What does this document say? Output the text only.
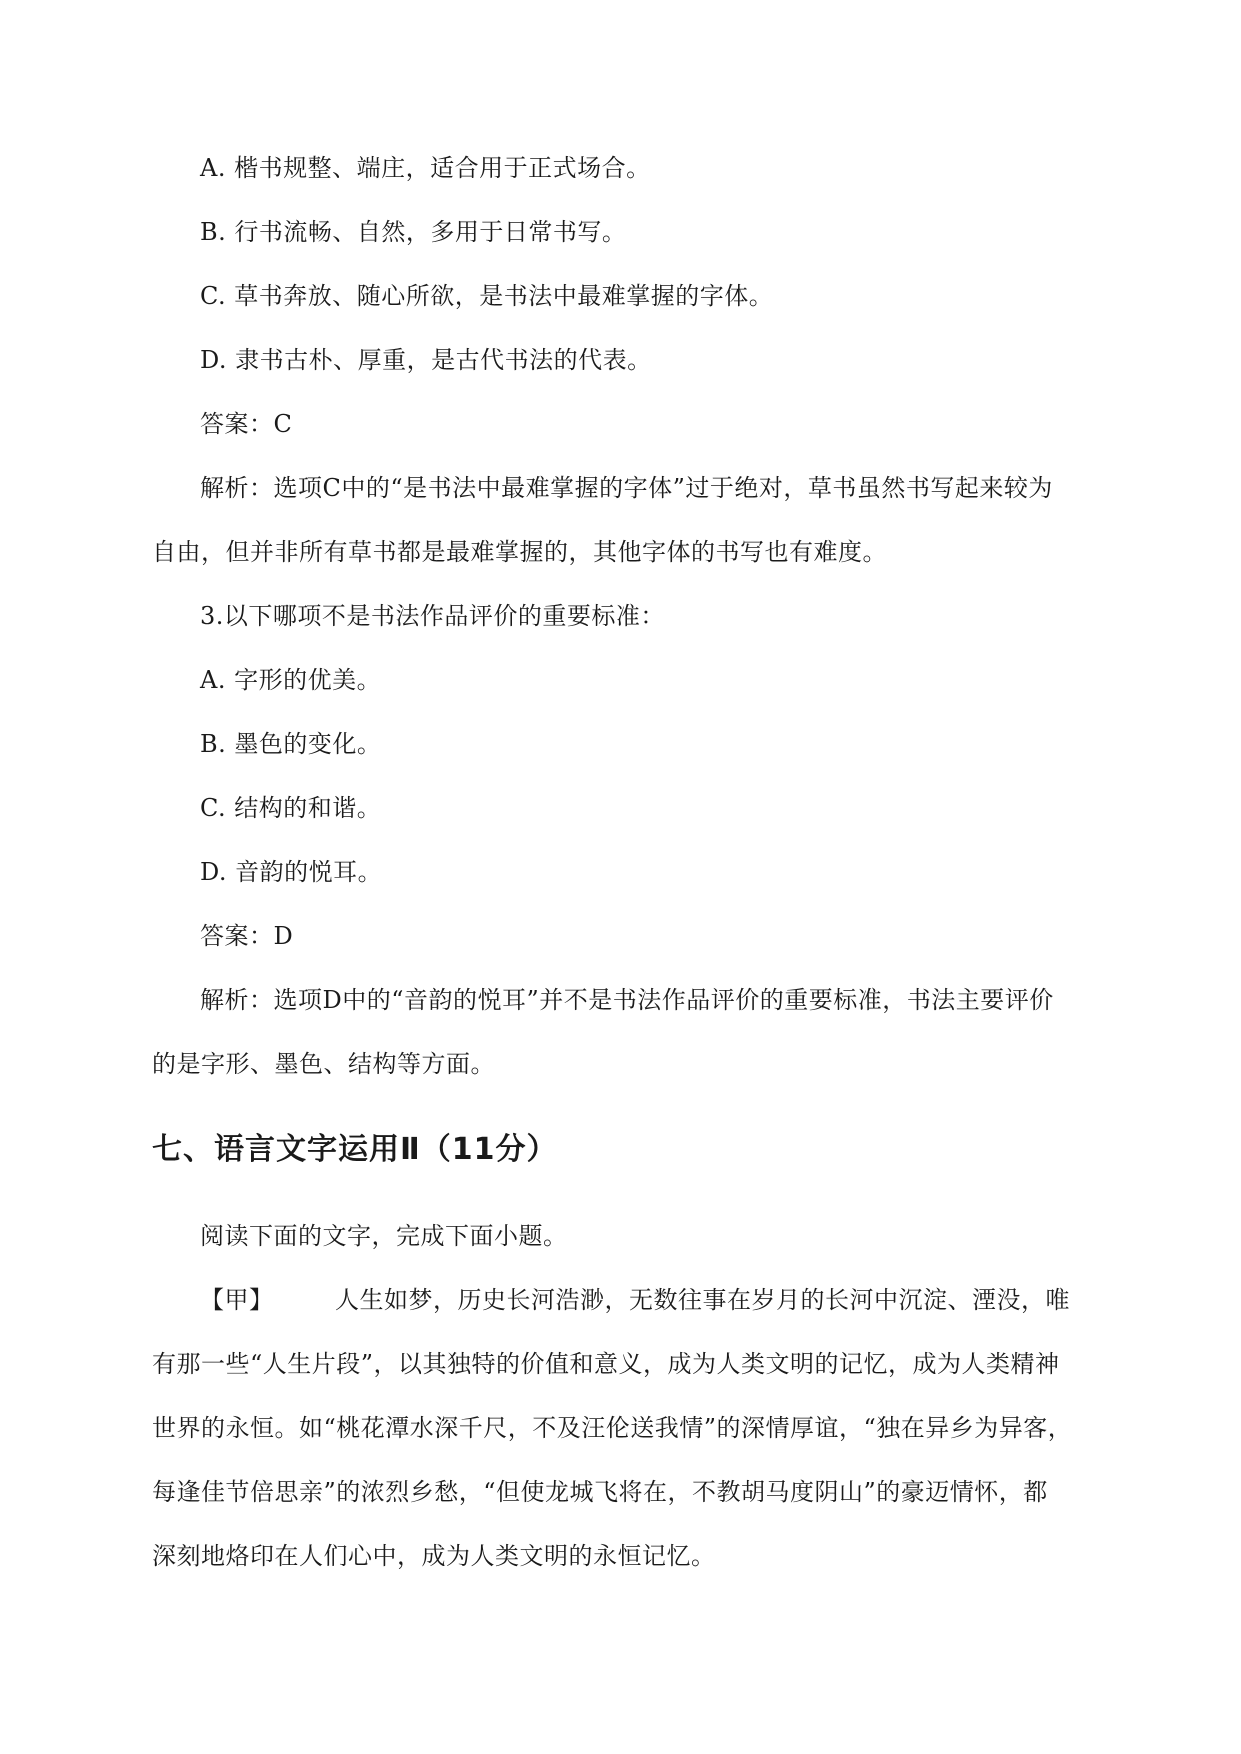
A. 楷书规整、端庄，适合用于正式场合。
B. 行书流畅、自然，多用于日常书写。
C. 草书奔放、随心所欲，是书法中最难掌握的字体。
D. 隶书古朴、厚重，是古代书法的代表。
答案：C
解析：选项C中的“是书法中最难掌握的字体”过于绝对，草书虽然书写起来较为
自由，但并非所有草书都是最难掌握的，其他字体的书写也有难度。
3.以下哪项不是书法作品评价的重要标准：
A. 字形的优美。
B. 墨色的变化。
C. 结构的和谐。
D. 音韵的悦耳。
答案：D
解析：选项D中的“音韵的悦耳”并不是书法作品评价的重要标准，书法主要评价
的是字形、墨色、结构等方面。
七、语言文字运用Ⅱ（11分）
阅读下面的文字，完成下面小题。
【甲】	人生如梦，历史长河浩渺，无数往事在岁月的长河中沉淀、湮没，唯
有那一些“人生片段”，以其独特的价值和意义，成为人类文明的记忆，成为人类精神
世界的永恒。如“桃花潭水深千尺，不及汪伦送我情”的深情厚谊，“独在异乡为异客，
每逢佳节倍思亲”的浓烈乡愁，“但使龙城飞将在，不教胡马度阴山”的豪迈情怀，都
深刻地烙印在人们心中，成为人类文明的永恒记忆。
